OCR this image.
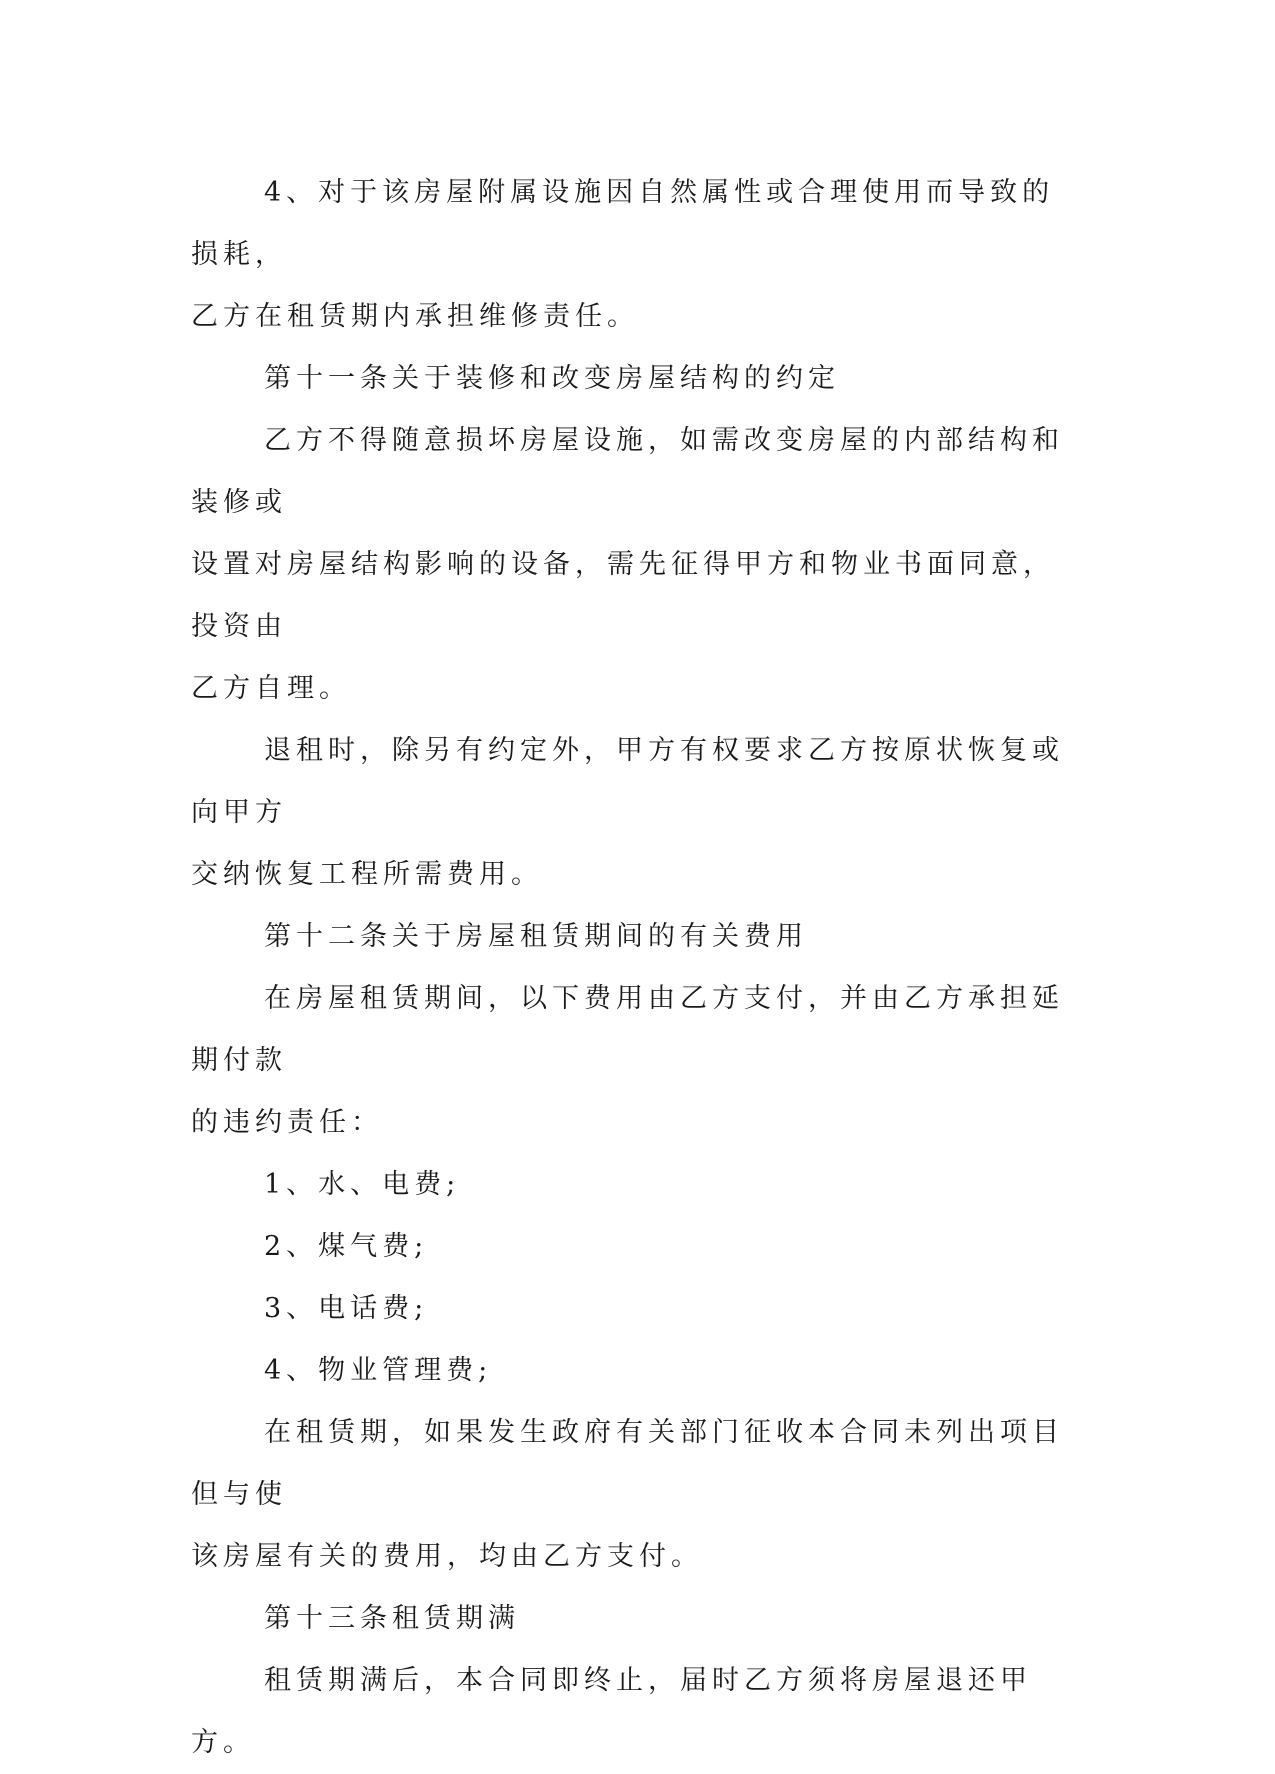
4、对于该房屋附属设施因自然属性或合理使用而导致的损耗，

乙方在租赁期内承担维修责任。

第十一条关于装修和改变房屋结构的约定

乙方不得随意损坏房屋设施，如需改变房屋的内部结构和装修或

设置对房屋结构影响的设备，需先征得甲方和物业书面同意，投资由

乙方自理。

退租时，除另有约定外，甲方有权要求乙方按原状恢复或向甲方

交纳恢复工程所需费用。

第十二条关于房屋租赁期间的有关费用

在房屋租赁期间，以下费用由乙方支付，并由乙方承担延期付款

的违约责任：

1、水、电费;

2、煤气费;

3、电话费;

4、物业管理费;

在租赁期，如果发生政府有关部门征收本合同未列出项目但与使

该房屋有关的费用，均由乙方支付。

第十三条租赁期满

租赁期满后，本合同即终止，届时乙方须将房屋退还甲方。
